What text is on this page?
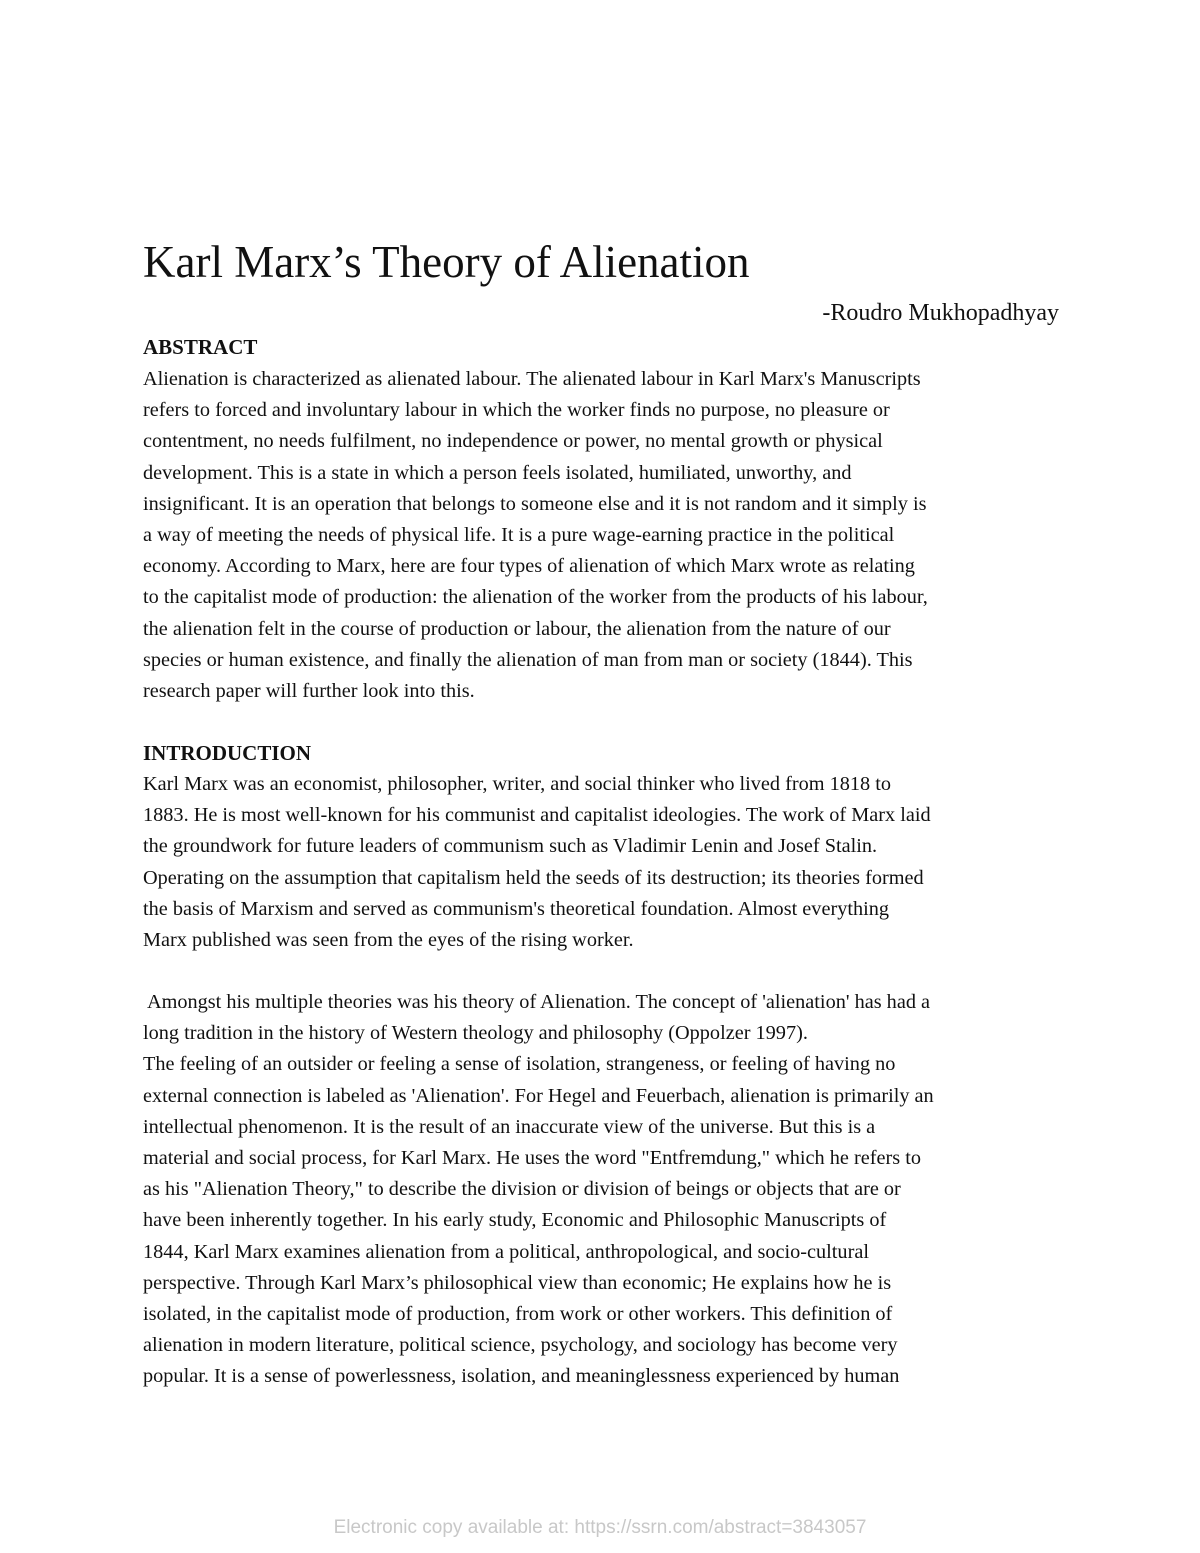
Karl Marx’s Theory of Alienation
-Roudro Mukhopadhyay
ABSTRACT
Alienation is characterized as alienated labour. The alienated labour in Karl Marx's Manuscripts
refers to forced and involuntary labour in which the worker finds no purpose, no pleasure or
contentment, no needs fulfilment, no independence or power, no mental growth or physical
development. This is a state in which a person feels isolated, humiliated, unworthy, and
insignificant. It is an operation that belongs to someone else and it is not random and it simply is
a way of meeting the needs of physical life. It is a pure wage-earning practice in the political
economy. According to Marx, here are four types of alienation of which Marx wrote as relating
to the capitalist mode of production: the alienation of the worker from the products of his labour,
the alienation felt in the course of production or labour, the alienation from the nature of our
species or human existence, and finally the alienation of man from man or society (1844). This
research paper will further look into this.
INTRODUCTION
Karl Marx was an economist, philosopher, writer, and social thinker who lived from 1818 to
1883. He is most well-known for his communist and capitalist ideologies. The work of Marx laid
the groundwork for future leaders of communism such as Vladimir Lenin and Josef Stalin.
Operating on the assumption that capitalism held the seeds of its destruction; its theories formed
the basis of Marxism and served as communism's theoretical foundation. Almost everything
Marx published was seen from the eyes of the rising worker.
Amongst his multiple theories was his theory of Alienation. The concept of 'alienation' has had a
long tradition in the history of Western theology and philosophy (Oppolzer 1997).
The feeling of an outsider or feeling a sense of isolation, strangeness, or feeling of having no
external connection is labeled as 'Alienation'. For Hegel and Feuerbach, alienation is primarily an
intellectual phenomenon. It is the result of an inaccurate view of the universe. But this is a
material and social process, for Karl Marx. He uses the word "Entfremdung," which he refers to
as his "Alienation Theory," to describe the division or division of beings or objects that are or
have been inherently together. In his early study, Economic and Philosophic Manuscripts of
1844, Karl Marx examines alienation from a political, anthropological, and socio-cultural
perspective. Through Karl Marx’s philosophical view than economic; He explains how he is
isolated, in the capitalist mode of production, from work or other workers. This definition of
alienation in modern literature, political science, psychology, and sociology has become very
popular. It is a sense of powerlessness, isolation, and meaninglessness experienced by human
Electronic copy available at: https://ssrn.com/abstract=3843057
